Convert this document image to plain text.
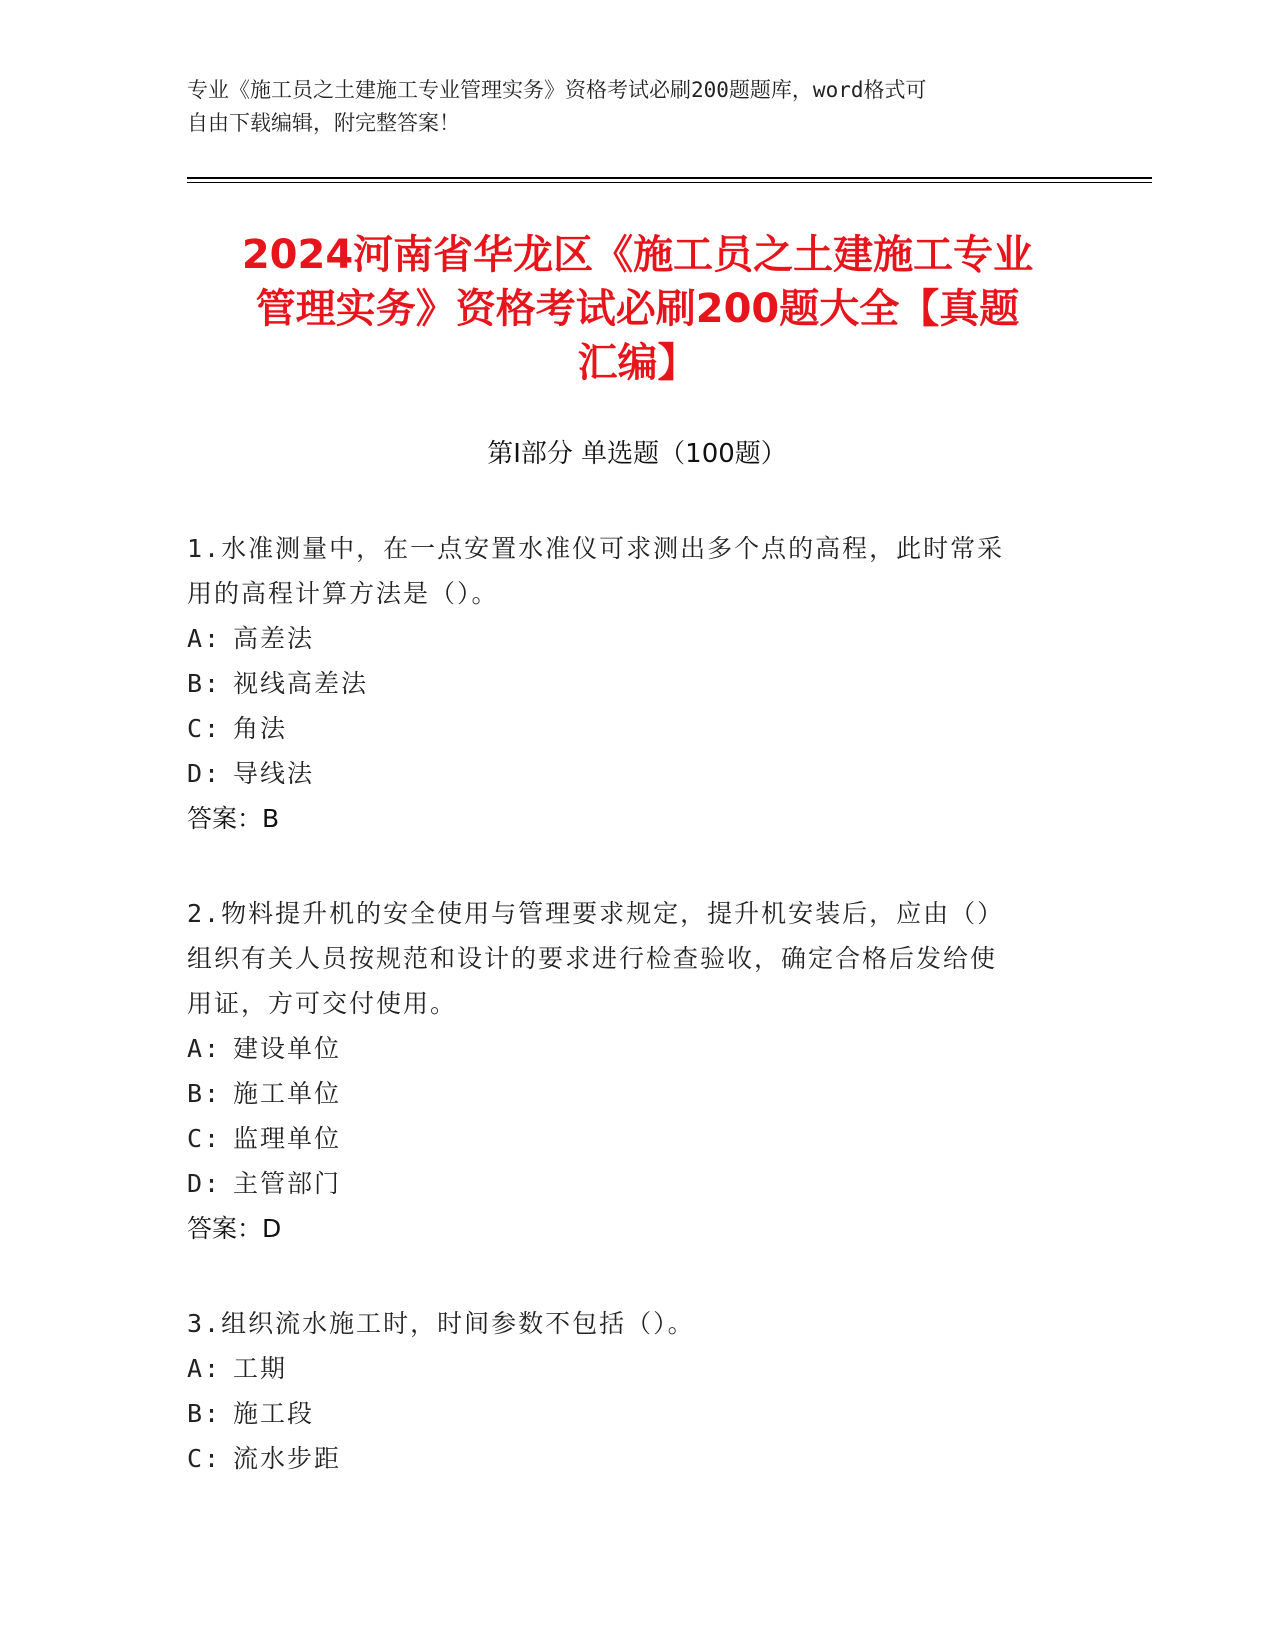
专业《施工员之土建施工专业管理实务》资格考试必刷200题题库，word格式可
自由下载编辑，附完整答案！
2024河南省华龙区《施工员之土建施工专业
管理实务》资格考试必刷200题大全【真题
汇编】
第Ⅰ部分 单选题（100题）

1.水准测量中，在一点安置水准仪可求测出多个点的高程，此时常采

用的高程计算方法是（）。

A: 高差法

B: 视线高差法

C: 角法

D: 导线法

答案：B

2.物料提升机的安全使用与管理要求规定，提升机安装后，应由（）

组织有关人员按规范和设计的要求进行检查验收，确定合格后发给使

用证，方可交付使用。

A: 建设单位

B: 施工单位

C: 监理单位

D: 主管部门

答案：D

3.组织流水施工时，时间参数不包括（）。

A: 工期

B: 施工段

C: 流水步距
